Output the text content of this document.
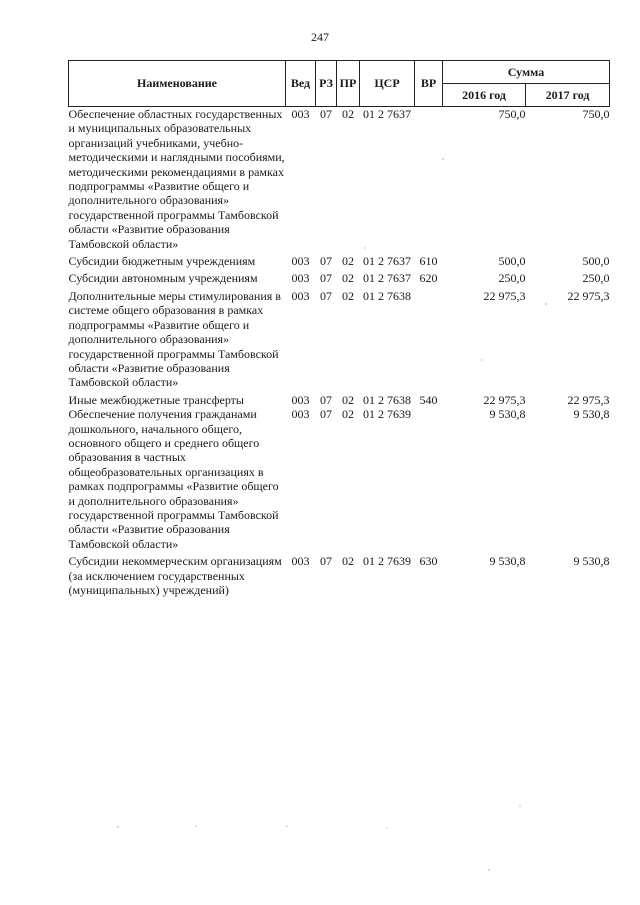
247
Наименование	Вед	РЗ	ПР	ЦСР	ВР	Сумма	
						2016 год	2017 год
Обеспечение областных государственных и муниципальных образовательных организаций учебниками, учебно-методическими и наглядными пособиями, методическими рекомендациями в рамках подпрограммы «Развитие общего и дополнительного образования» государственной программы Тамбовской области «Развитие образования Тамбовской области»	003	07	02	01 2 7637		750,0	750,0
Субсидии бюджетным учреждениям	003	07	02	01 2 7637	610	500,0	500,0
Субсидии автономным учреждениям	003	07	02	01 2 7637	620	250,0	250,0
Дополнительные меры стимулирования в системе общего образования в рамках подпрограммы «Развитие общего и дополнительного образования» государственной программы Тамбовской области «Развитие образования Тамбовской области»	003	07	02	01 2 7638		22 975,3	22 975,3
Иные межбюджетные трансферты	003	07	02	01 2 7638	540	22 975,3	22 975,3
Обеспечение получения гражданами дошкольного, начального общего, основного общего и среднего общего образования в частных общеобразовательных организациях в рамках подпрограммы «Развитие общего и дополнительного образования» государственной программы Тамбовской области «Развитие образования Тамбовской области»	003	07	02	01 2 7639		9 530,8	9 530,8
Субсидии некоммерческим организациям (за исключением государственных (муниципальных) учреждений)	003	07	02	01 2 7639	630	9 530,8	9 530,8
